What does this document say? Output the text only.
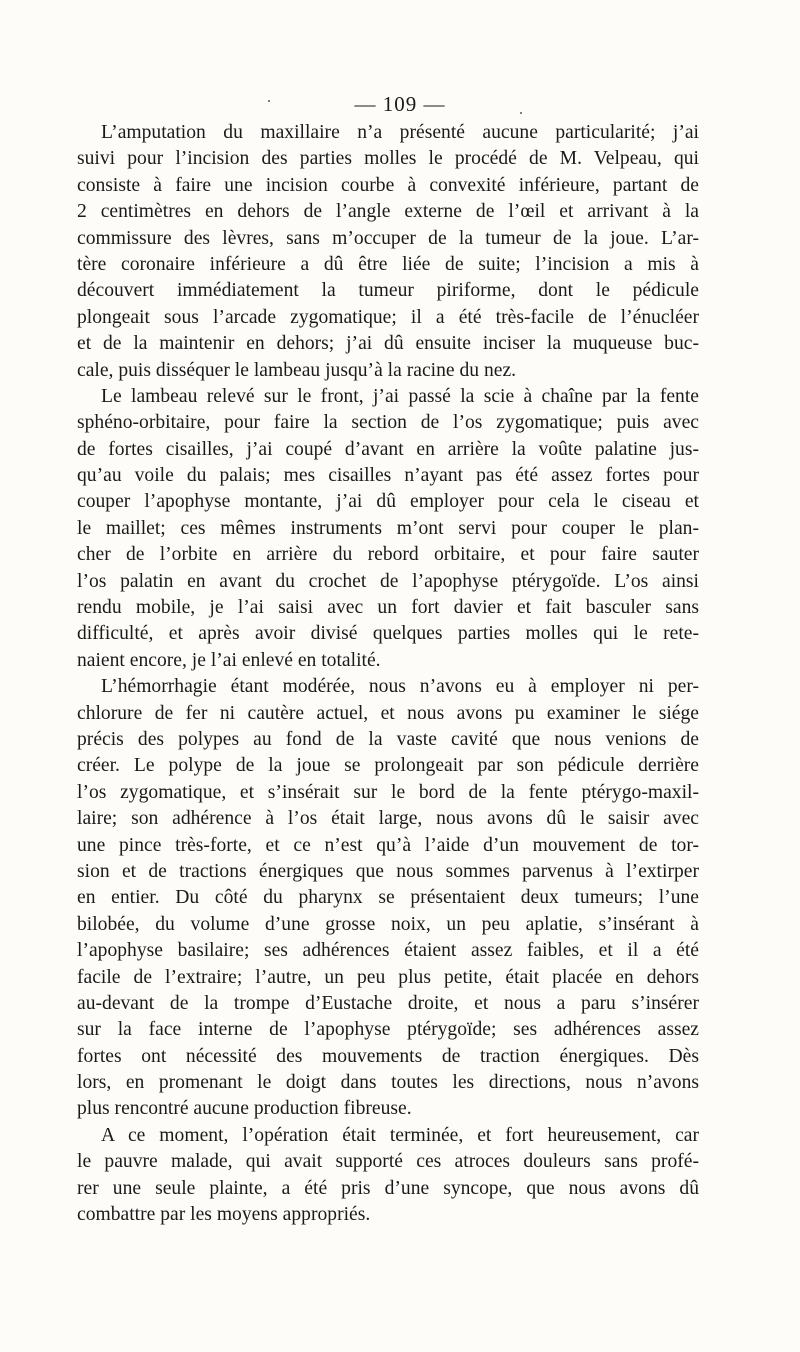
— 109 —
L’amputation du maxillaire n’a présenté aucune particularité; j’ai
suivi pour l’incision des parties molles le procédé de M. Velpeau, qui
consiste à faire une incision courbe à convexité inférieure, partant de
2 centimètres en dehors de l’angle externe de l’œil et arrivant à la
commissure des lèvres, sans m’occuper de la tumeur de la joue. L’ar-
tère coronaire inférieure a dû être liée de suite; l’incision a mis à
découvert immédiatement la tumeur piriforme, dont le pédicule
plongeait sous l’arcade zygomatique; il a été très-facile de l’énucléer
et de la maintenir en dehors; j’ai dû ensuite inciser la muqueuse buc-
cale, puis disséquer le lambeau jusqu’à la racine du nez.
Le lambeau relevé sur le front, j’ai passé la scie à chaîne par la fente
sphéno-orbitaire, pour faire la section de l’os zygomatique; puis avec
de fortes cisailles, j’ai coupé d’avant en arrière la voûte palatine jus-
qu’au voile du palais; mes cisailles n’ayant pas été assez fortes pour
couper l’apophyse montante, j’ai dû employer pour cela le ciseau et
le maillet; ces mêmes instruments m’ont servi pour couper le plan-
cher de l’orbite en arrière du rebord orbitaire, et pour faire sauter
l’os palatin en avant du crochet de l’apophyse ptérygoïde. L’os ainsi
rendu mobile, je l’ai saisi avec un fort davier et fait basculer sans
difficulté, et après avoir divisé quelques parties molles qui le rete-
naient encore, je l’ai enlevé en totalité.
L’hémorrhagie étant modérée, nous n’avons eu à employer ni per-
chlorure de fer ni cautère actuel, et nous avons pu examiner le siége
précis des polypes au fond de la vaste cavité que nous venions de
créer. Le polype de la joue se prolongeait par son pédicule derrière
l’os zygomatique, et s’insérait sur le bord de la fente ptérygo-maxil-
laire; son adhérence à l’os était large, nous avons dû le saisir avec
une pince très-forte, et ce n’est qu’à l’aide d’un mouvement de tor-
sion et de tractions énergiques que nous sommes parvenus à l’extirper
en entier. Du côté du pharynx se présentaient deux tumeurs; l’une
bilobée, du volume d’une grosse noix, un peu aplatie, s’insérant à
l’apophyse basilaire; ses adhérences étaient assez faibles, et il a été
facile de l’extraire; l’autre, un peu plus petite, était placée en dehors
au-devant de la trompe d’Eustache droite, et nous a paru s’insérer
sur la face interne de l’apophyse ptérygoïde; ses adhérences assez
fortes ont nécessité des mouvements de traction énergiques. Dès
lors, en promenant le doigt dans toutes les directions, nous n’avons
plus rencontré aucune production fibreuse.
A ce moment, l’opération était terminée, et fort heureusement, car
le pauvre malade, qui avait supporté ces atroces douleurs sans profé-
rer une seule plainte, a été pris d’une syncope, que nous avons dû
combattre par les moyens appropriés.
